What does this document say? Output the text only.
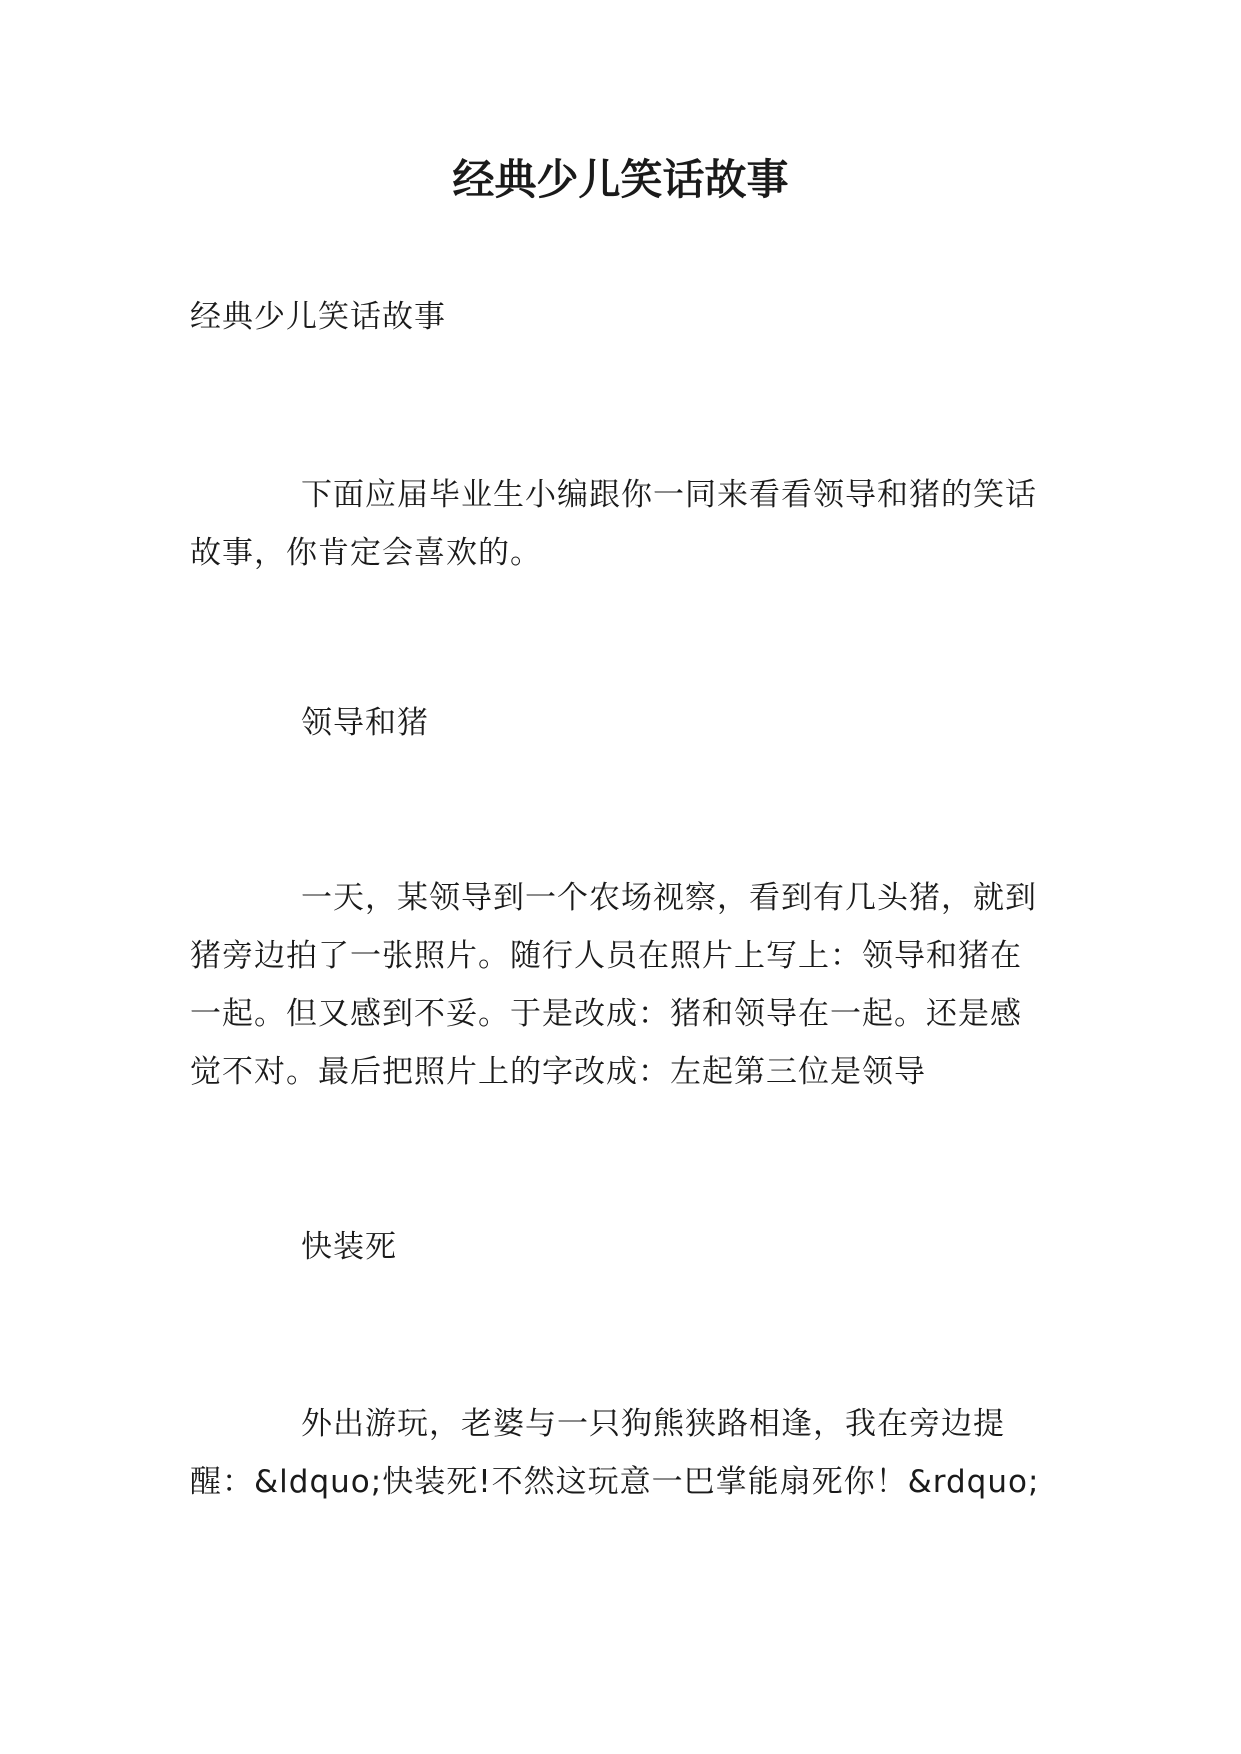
经典少儿笑话故事

经典少儿笑话故事

下面应届毕业生小编跟你一同来看看领导和猪的笑话故事，你肯定会喜欢的。

领导和猪

一天，某领导到一个农场视察，看到有几头猪，就到猪旁边拍了一张照片。随行人员在照片上写上：领导和猪在一起。但又感到不妥。于是改成：猪和领导在一起。还是感觉不对。最后把照片上的字改成：左起第三位是领导

快装死

外出游玩，老婆与一只狗熊狭路相逢，我在旁边提醒：&ldquo;快装死!不然这玩意一巴掌能扇死你！&rdquo;
